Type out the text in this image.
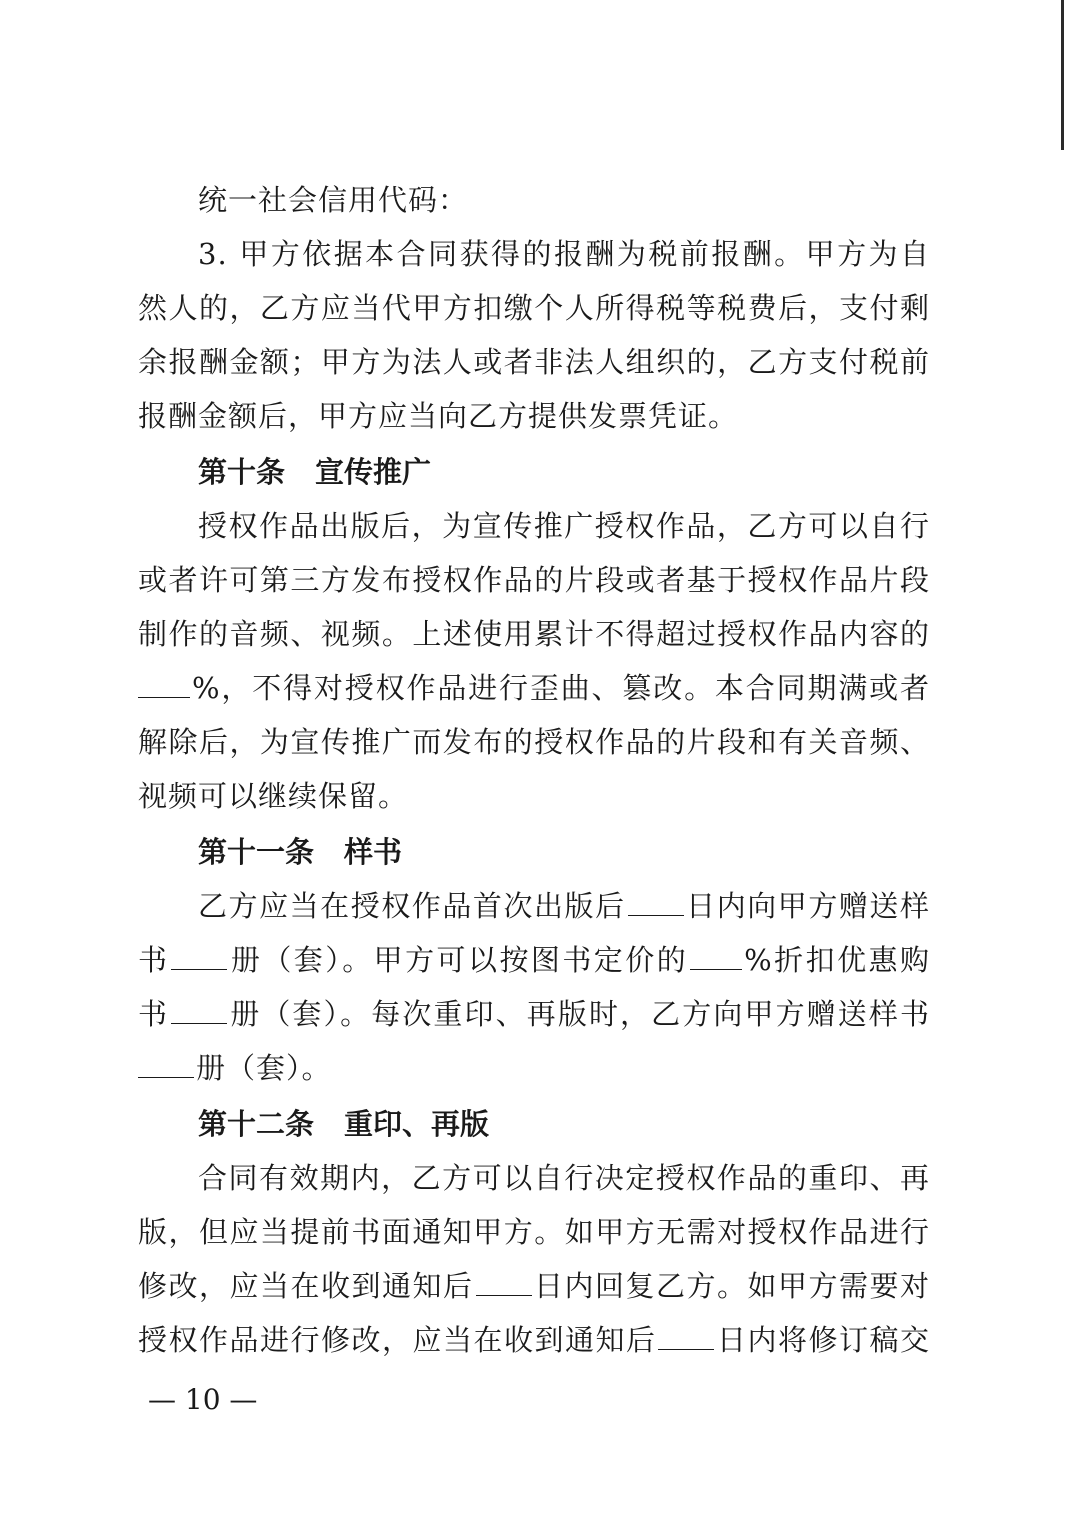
统一社会信用代码：
3. 甲方依据本合同获得的报酬为税前报酬。甲方为自
然人的，乙方应当代甲方扣缴个人所得税等税费后，支付剩
余报酬金额；甲方为法人或者非法人组织的，乙方支付税前
报酬金额后，甲方应当向乙方提供发票凭证。
第十条 宣传推广
授权作品出版后，为宣传推广授权作品，乙方可以自行
或者许可第三方发布授权作品的片段或者基于授权作品片段
制作的音频、视频。上述使用累计不得超过授权作品内容的
%，不得对授权作品进行歪曲、篡改。本合同期满或者
解除后，为宣传推广而发布的授权作品的片段和有关音频、
视频可以继续保留。
第十一条 样书
乙方应当在授权作品首次出版后 日内向甲方赠送样
书 册（套）。甲方可以按图书定价的 %折扣优惠购
书 册（套）。每次重印、再版时，乙方向甲方赠送样书
册（套）。
第十二条 重印、再版
合同有效期内，乙方可以自行决定授权作品的重印、再
版，但应当提前书面通知甲方。如甲方无需对授权作品进行
修改，应当在收到通知后 日内回复乙方。如甲方需要对
授权作品进行修改，应当在收到通知后 日内将修订稿交
— 10 —
